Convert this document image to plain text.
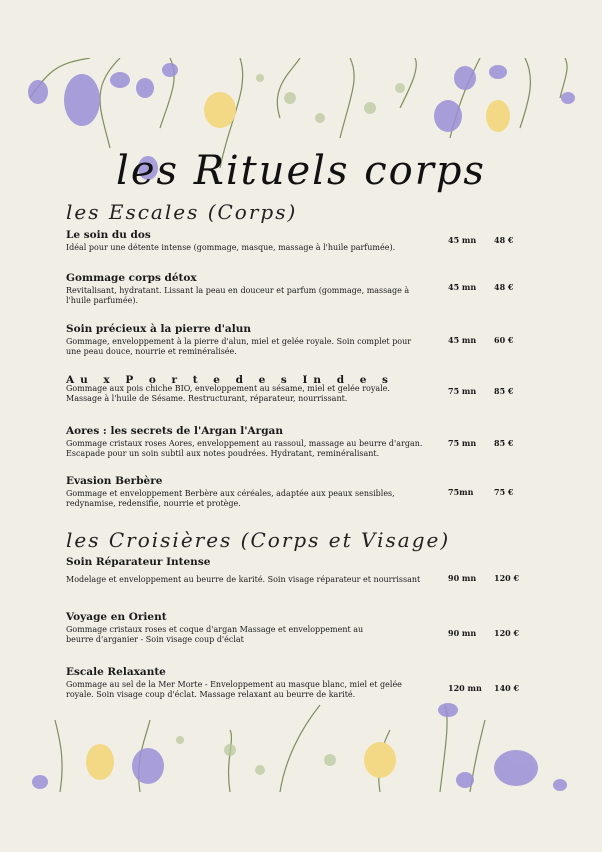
les Rituels corps
les Escales (Corps)
Le soin du dos
Idéal pour une détente intense (gommage, masque, massage à l'huile parfumée).
45 mn 48 €
Gommage corps détox
Revitalisant, hydratant. Lissant la peau en douceur et parfum (gommage, massage à l'huile parfumée).
45 mn 48 €
Soin précieux à la pierre d'alun
Gommage, enveloppement à la pierre d'alun, miel et gelée royale. Soin complet pour une peau douce, nourrie et reminéralisée.
45 mn 60 €
Au x P o r t e d e s In d e s
Gommage aux pois chiche BIO, enveloppement au sésame, miel et gelée royale. Massage à l'huile de Sésame. Restructurant, réparateur, nourrissant.
75 mn 85 €
Aores : les secrets de l'Argan l'Argan
Gommage cristaux roses Aores, enveloppement au rassoul, massage au beurre d'argan. Escapade pour un soin subtil aux notes poudrées. Hydratant, reminéralisant.
75 mn 85 €
Evasion Berbère
Gommage et enveloppement Berbère aux céréales, adaptée aux peaux sensibles, redynamise, redensifie, nourrie et protège.
75mn	75 €
les Croisières (Corps et Visage)
Soin Réparateur Intense
Modelage et enveloppement au beurre de karité. Soin visage réparateur et nourrissant	90 mn 120 €
Voyage en Orient
Gommage cristaux roses et coque d'argan Massage et enveloppement au beurre d'arganier - Soin visage coup d'éclat
90 mn 120 €
Escale Relaxante
Gommage au sel de la Mer Morte - Enveloppement au masque blanc, miel et gelée royale. Soin visage coup d'éclat. Massage relaxant au beurre de karité.
120 mn 140 €
